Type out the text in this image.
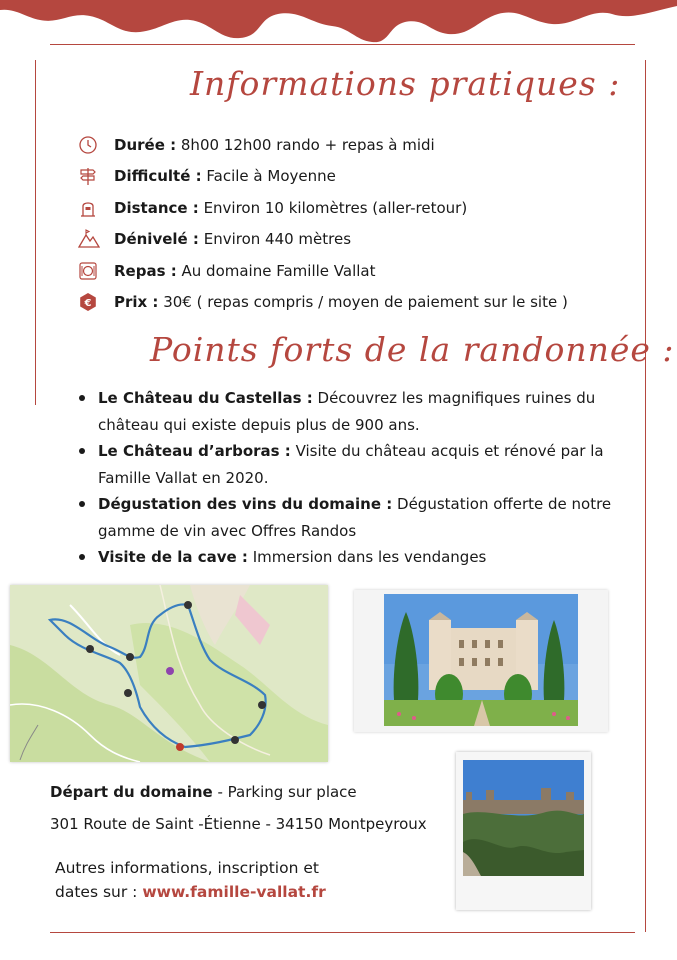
Informations pratiques :
Durée :
8h00 12h00 rando + repas à midi
Difficulté :
Facile à Moyenne
Distance :
Environ 10 kilomètres (aller-retour)
Dénivelé :
Environ 440 mètres
Repas :
Au domaine Famille Vallat
€ Prix :
30€ ( repas compris / moyen de paiement sur le site )
Points forts de la randonnée :
Le Château du Castellas : Découvrez les magnifiques ruines du château qui existe depuis plus de 900 ans.
Le Château d’arboras : Visite du château acquis et rénové par la Famille Vallat en 2020.
Dégustation des vins du domaine : Dégustation offerte de notre gamme de vin avec Offres Randos
Visite de la cave : Immersion dans les vendanges
Départ du domaine - Parking sur place
301 Route de Saint -Étienne - 34150 Montpeyroux
Autres informations, inscription et
dates sur : www.famille-vallat.fr
